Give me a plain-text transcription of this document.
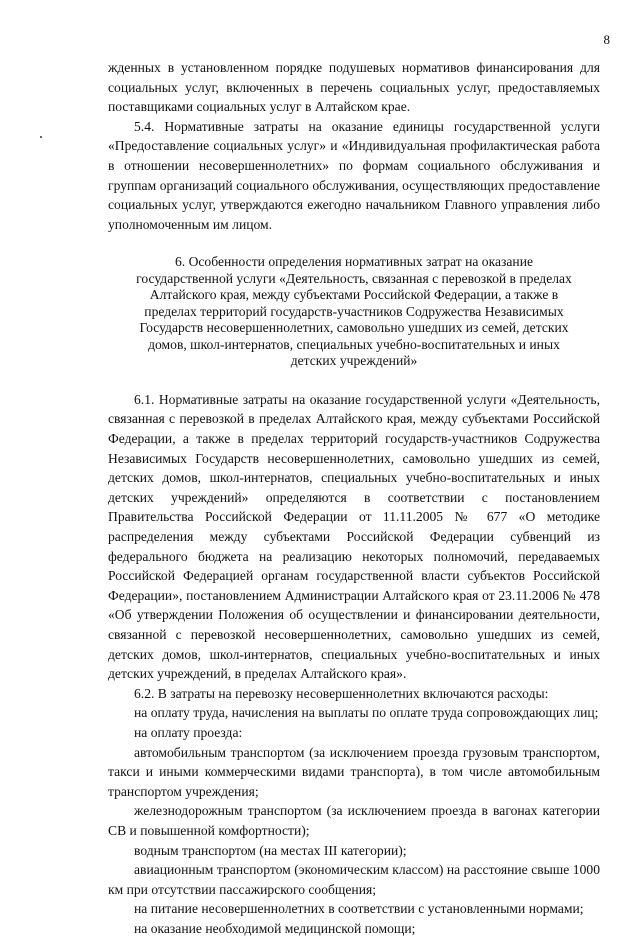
8

жденных в установленном порядке подушевых нормативов финансирования для социальных услуг, включенных в перечень социальных услуг, предоставляемых поставщиками социальных услуг в Алтайском крае.

5.4. Нормативные затраты на оказание единицы государственной услуги «Предоставление социальных услуг» и «Индивидуальная профилактическая работа в отношении несовершеннолетних» по формам социального обслуживания и группам организаций социального обслуживания, осуществляющих предоставление социальных услуг, утверждаются ежегодно начальником Главного управления либо уполномоченным им лицом.

6. Особенности определения нормативных затрат на оказание государственной услуги «Деятельность, связанная с перевозкой в пределах Алтайского края, между субъектами Российской Федерации, а также в пределах территорий государств-участников Содружества Независимых Государств несовершеннолетних, самовольно ушедших из семей, детских домов, школ-интернатов, специальных учебно-воспитательных и иных детских учреждений»

6.1. Нормативные затраты на оказание государственной услуги «Деятельность, связанная с перевозкой в пределах Алтайского края, между субъектами Российской Федерации, а также в пределах территорий государств-участников Содружества Независимых Государств несовершеннолетних, самовольно ушедших из семей, детских домов, школ-интернатов, специальных учебно-воспитательных и иных детских учреждений» определяются в соответствии с постановлением Правительства Российской Федерации от 11.11.2005 № 677 «О методике распределения между субъектами Российской Федерации субвенций из федерального бюджета на реализацию некоторых полномочий, передаваемых Российской Федерацией органам государственной власти субъектов Российской Федерации», постановлением Администрации Алтайского края от 23.11.2006 № 478 «Об утверждении Положения об осуществлении и финансировании деятельности, связанной с перевозкой несовершеннолетних, самовольно ушедших из семей, детских домов, школ-интернатов, специальных учебно-воспитательных и иных детских учреждений, в пределах Алтайского края».

6.2. В затраты на перевозку несовершеннолетних включаются расходы:

на оплату труда, начисления на выплаты по оплате труда сопровождающих лиц;

на оплату проезда:

автомобильным транспортом (за исключением проезда грузовым транспортом, такси и иными коммерческими видами транспорта), в том числе автомобильным транспортом учреждения;

железнодорожным транспортом (за исключением проезда в вагонах категории СВ и повышенной комфортности);

водным транспортом (на местах III категории);

авиационным транспортом (экономическим классом) на расстояние свыше 1000 км при отсутствии пассажирского сообщения;

на питание несовершеннолетних в соответствии с установленными нормами;

на оказание необходимой медицинской помощи;
